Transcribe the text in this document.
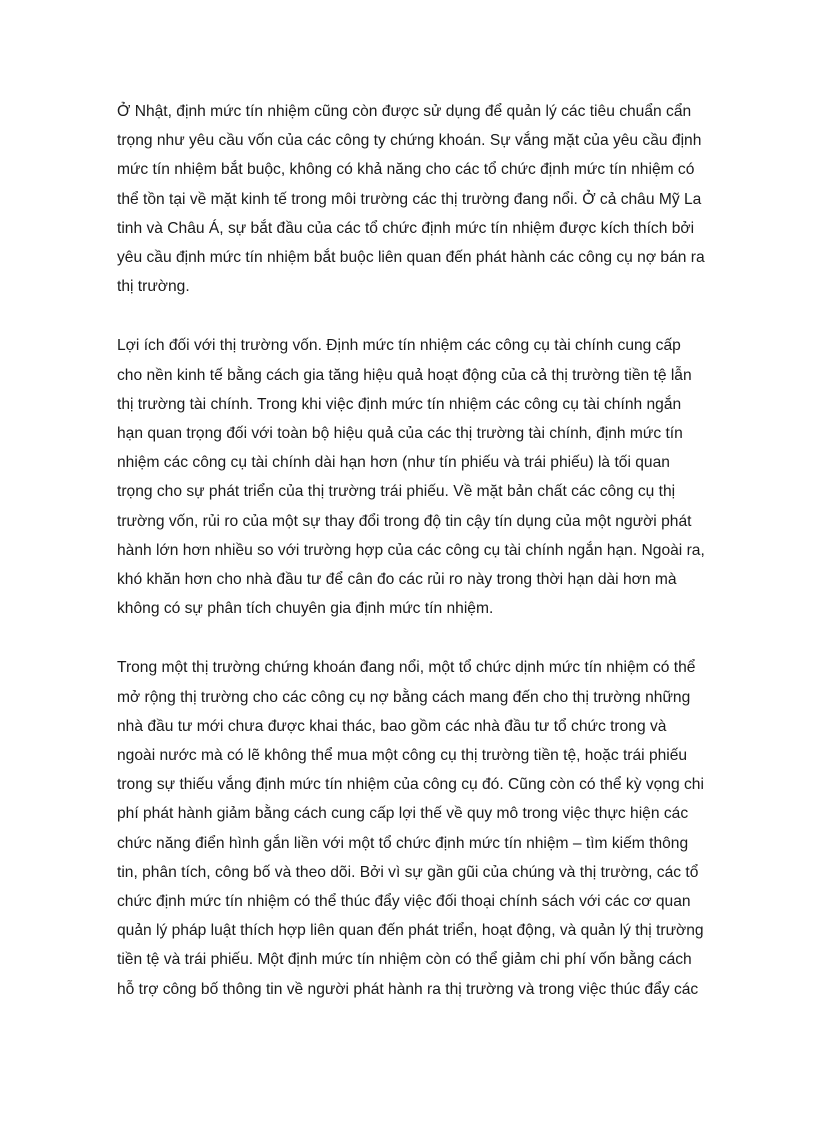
Ở Nhật, định mức tín nhiệm cũng còn được sử dụng để quản lý các tiêu chuẩn cẩn
trọng như yêu cầu vốn của các công ty chứng khoán. Sự vắng mặt của yêu cầu định
mức tín nhiệm bắt buộc, không có khả năng cho các tổ chức định mức tín nhiệm có
thể tồn tại về mặt kinh tế trong môi trường các thị trường đang nổi. Ở cả châu Mỹ La
tinh và Châu Á, sự bắt đầu của các tổ chức định mức tín nhiệm được kích thích bởi
yêu cầu định mức tín nhiệm bắt buộc liên quan đến phát hành các công cụ nợ bán ra
thị trường.
Lợi ích đối với thị trường vốn. Định mức tín nhiệm các công cụ tài chính cung cấp
cho nền kinh tế bằng cách gia tăng hiệu quả hoạt động của cả thị trường tiền tệ lẫn
thị trường tài chính. Trong khi việc định mức tín nhiệm các công cụ tài chính ngắn
hạn quan trọng đối với toàn bộ hiệu quả của các thị trường tài chính, định mức tín
nhiệm các công cụ tài chính dài hạn hơn (như tín phiếu và trái phiếu) là tối quan
trọng cho sự phát triển của thị trường trái phiếu. Về mặt bản chất các công cụ thị
trường vốn, rủi ro của một sự thay đổi trong độ tin cậy tín dụng của một người phát
hành lớn hơn nhiều so với trường hợp của các công cụ tài chính ngắn hạn. Ngoài ra,
khó khăn hơn cho nhà đầu tư để cân đo các rủi ro này trong thời hạn dài hơn mà
không có sự phân tích chuyên gia định mức tín nhiệm.
Trong một thị trường chứng khoán đang nổi, một tổ chức dịnh mức tín nhiệm có thể
mở rộng thị trường cho các công cụ nợ bằng cách mang đến cho thị trường những
nhà đầu tư mới chưa được khai thác, bao gồm các nhà đầu tư tổ chức trong và
ngoài nước mà có lẽ không thể mua một công cụ thị trường tiền tệ, hoặc trái phiếu
trong sự thiếu vắng định mức tín nhiệm của công cụ đó. Cũng còn có thể kỳ vọng chi
phí phát hành giảm bằng cách cung cấp lợi thế về quy mô trong việc thực hiện các
chức năng điển hình gắn liền với một tổ chức định mức tín nhiệm – tìm kiếm thông
tin, phân tích, công bố và theo dõi. Bởi vì sự gần gũi của chúng và thị trường, các tổ
chức định mức tín nhiệm có thể thúc đẩy việc đối thoại chính sách với các cơ quan
quản lý pháp luật thích hợp liên quan đến phát triển, hoạt động, và quản lý thị trường
tiền tệ và trái phiếu. Một định mức tín nhiệm còn có thể giảm chi phí vốn bằng cách
hỗ trợ công bố thông tin về người phát hành ra thị trường và trong việc thúc đẩy các
